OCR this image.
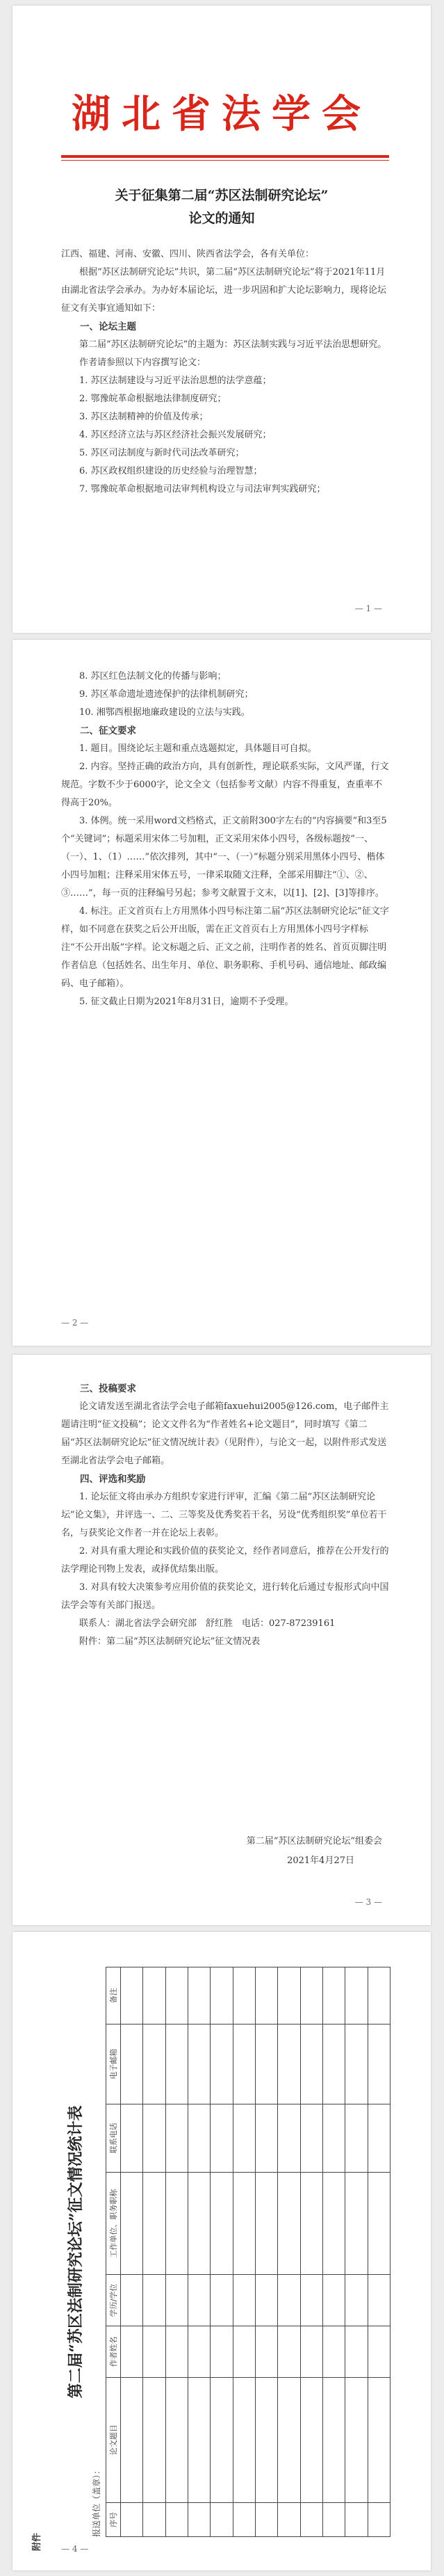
湖北省法学会
关于征集第二届“苏区法制研究论坛”
论文的通知

江西、福建、河南、安徽、四川、陕西省法学会，各有关单位：

根据“苏区法制研究论坛”共识，第二届“苏区法制研究论坛”将于2021年11月由湖北省法学会承办。为办好本届论坛，进一步巩固和扩大论坛影响力，现将论坛征文有关事宜通知如下：

一、论坛主题

第二届“苏区法制研究论坛”的主题为：苏区法制实践与习近平法治思想研究。

作者请参照以下内容撰写论文：

1. 苏区法制建设与习近平法治思想的法学意蕴；

2. 鄂豫皖革命根据地法律制度研究；

3. 苏区法制精神的价值及传承；

4. 苏区经济立法与苏区经济社会振兴发展研究；

5. 苏区司法制度与新时代司法改革研究；

6. 苏区政权组织建设的历史经验与治理智慧；

7. 鄂豫皖革命根据地司法审判机构设立与司法审判实践研究；

— 1 —

8. 苏区红色法制文化的传播与影响；

9. 苏区革命遗址遗迹保护的法律机制研究；

10. 湘鄂西根据地廉政建设的立法与实践。

二、征文要求

1. 题目。围绕论坛主题和重点选题拟定，具体题目可自拟。

2. 内容。坚持正确的政治方向，具有创新性，理论联系实际，文风严谨，行文规范。字数不少于6000字，论文全文（包括参考文献）内容不得重复，查重率不得高于20%。

3. 体例。统一采用word文档格式，正文前附300字左右的“内容摘要”和3至5个“关键词”；标题采用宋体二号加粗，正文采用宋体小四号，各级标题按“一、（一）、1、（1）……”依次排列，其中“一、（一）”标题分别采用黑体小四号、楷体小四号加粗；注释采用宋体五号，一律采取随文注释，全部采用脚注“①、②、③……”，每一页的注释编号另起；参考文献置于文末，以[1]、[2]、[3]等排序。

4. 标注。正文首页右上方用黑体小四号标注第二届“苏区法制研究论坛”征文字样，如不同意在获奖之后公开出版，需在正文首页右上方用黑体小四号字样标注“不公开出版”字样。论文标题之后、正文之前，注明作者的姓名、首页页脚注明作者信息（包括姓名、出生年月、单位、职务职称、手机号码、通信地址、邮政编码、电子邮箱）。

5. 征文截止日期为2021年8月31日，逾期不予受理。

— 2 —
三、投稿要求

论文请发送至湖北省法学会电子邮箱faxuehui2005@126.com，电子邮件主题请注明“征文投稿”；论文文件名为“作者姓名+论文题目”，同时填写《第二届“苏区法制研究论坛”征文情况统计表》（见附件），与论文一起，以附件形式发送至湖北省法学会电子邮箱。

四、评选和奖励

1. 论坛征文将由承办方组织专家进行评审，汇编《第二届“苏区法制研究论坛”论文集》，并评选一、二、三等奖及优秀奖若干名，另设“优秀组织奖”单位若干名，与获奖论文作者一并在论坛上表彰。

2. 对具有重大理论和实践价值的获奖论文，经作者同意后，推荐在公开发行的法学理论刊物上发表，或择优结集出版。

3. 对具有较大决策参考应用价值的获奖论文，进行转化后通过专报形式向中国法学会等有关部门报送。

联系人：湖北省法学会研究部　舒红胜　电话：027-87239161

附件：第二届“苏区法制研究论坛”征文情况表

第二届“苏区法制研究论坛”组委会
2021年4月27日
— 3 —
附件
第二届“苏区法制研究论坛”征文情况统计表
报送单位（盖章）： 序号	论文题目	作者姓名	学历/学位	工作单位、职务职称	联系电话	电子邮箱	备注

— 4 —
